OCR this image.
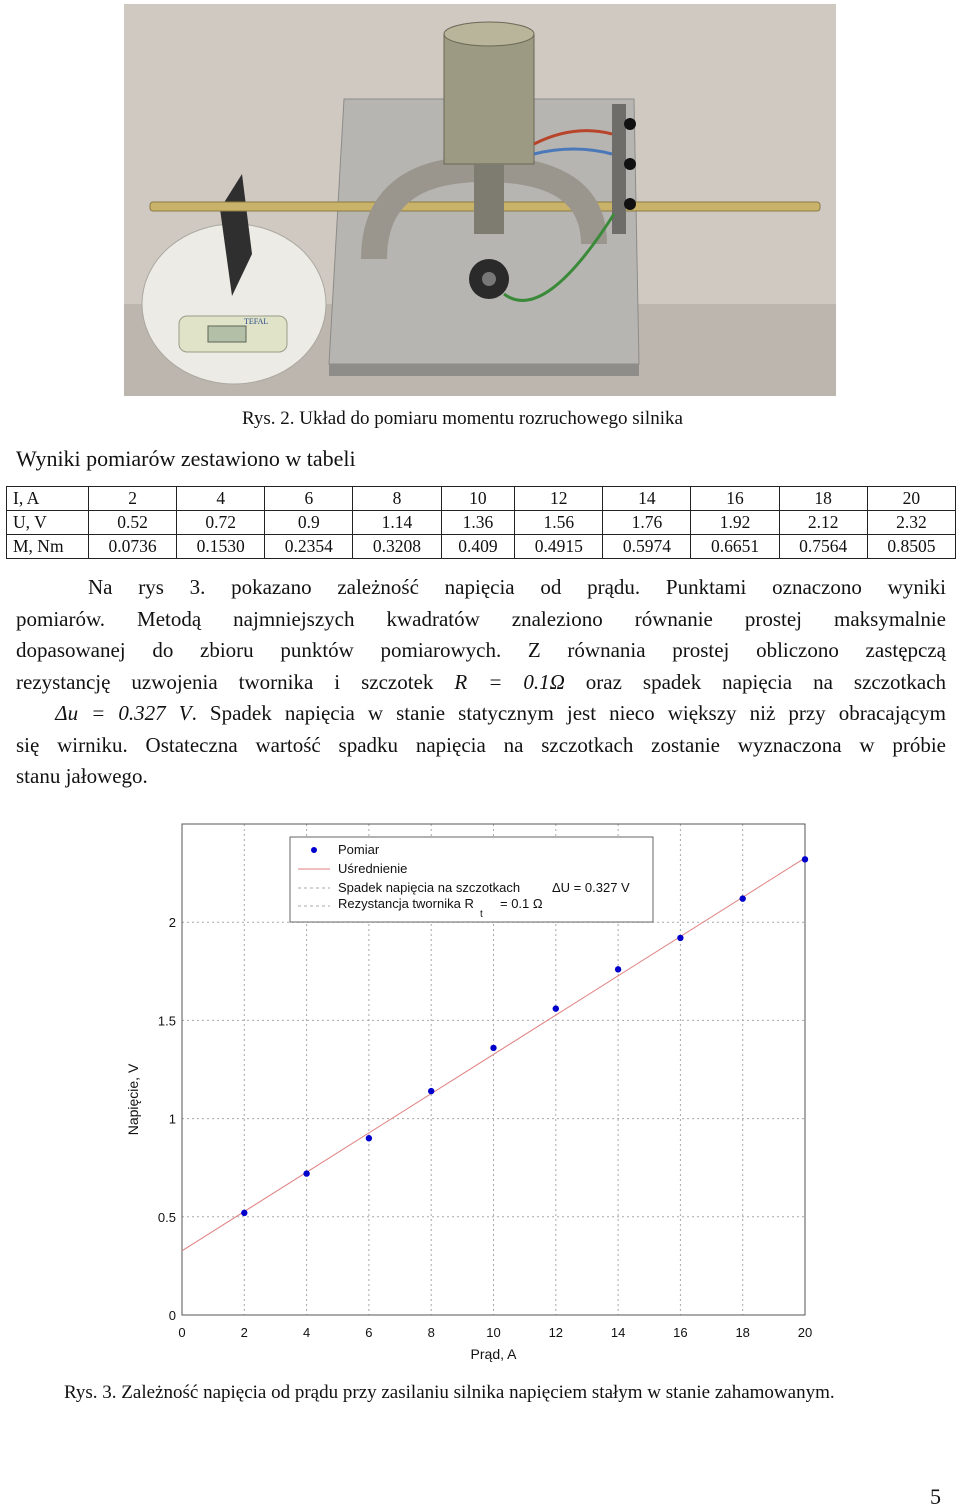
TEFAL
Rys. 2. Układ do pomiaru momentu rozruchowego silnika
Wyniki pomiarów zestawiono w tabeli
I, A	2	4	6	8	10	12	14	16	18	20
U, V	0.52	0.72	0.9	1.14	1.36	1.56	1.76	1.92	2.12	2.32
M, Nm	0.0736	0.1530	0.2354	0.3208	0.409	0.4915	0.5974	0.6651	0.7564	0.8505
Na rys 3. pokazano zależność napięcia od prądu. Punktami oznaczono wyniki
pomiarów. Metodą najmniejszych kwadratów znaleziono równanie prostej maksymalnie
dopasowanej do zbioru punktów pomiarowych. Z równania prostej obliczono zastępczą
rezystancję uzwojenia twornika i szczotek R = 0.1Ω oraz spadek napięcia na szczotkach
Δu = 0.327 V. Spadek napięcia w stanie statycznym jest nieco większy niż przy obracającym
się wirniku. Ostateczna wartość spadku napięcia na szczotkach zostanie wyznaczona w próbie
stanu jałowego.
0	2	4	6	8	10	12	14	16	18	20
0
0.5
1
1.5
2
Prąd, A
Napięcie, V
Pomiar
Uśrednienie
Spadek napięcia na szczotkach ΔU = 0.327 V
Rezystancja twornika R
t
= 0.1 Ω
Rys. 3. Zależność napięcia od prądu przy zasilaniu silnika napięciem stałym w stanie zahamowanym.
5
